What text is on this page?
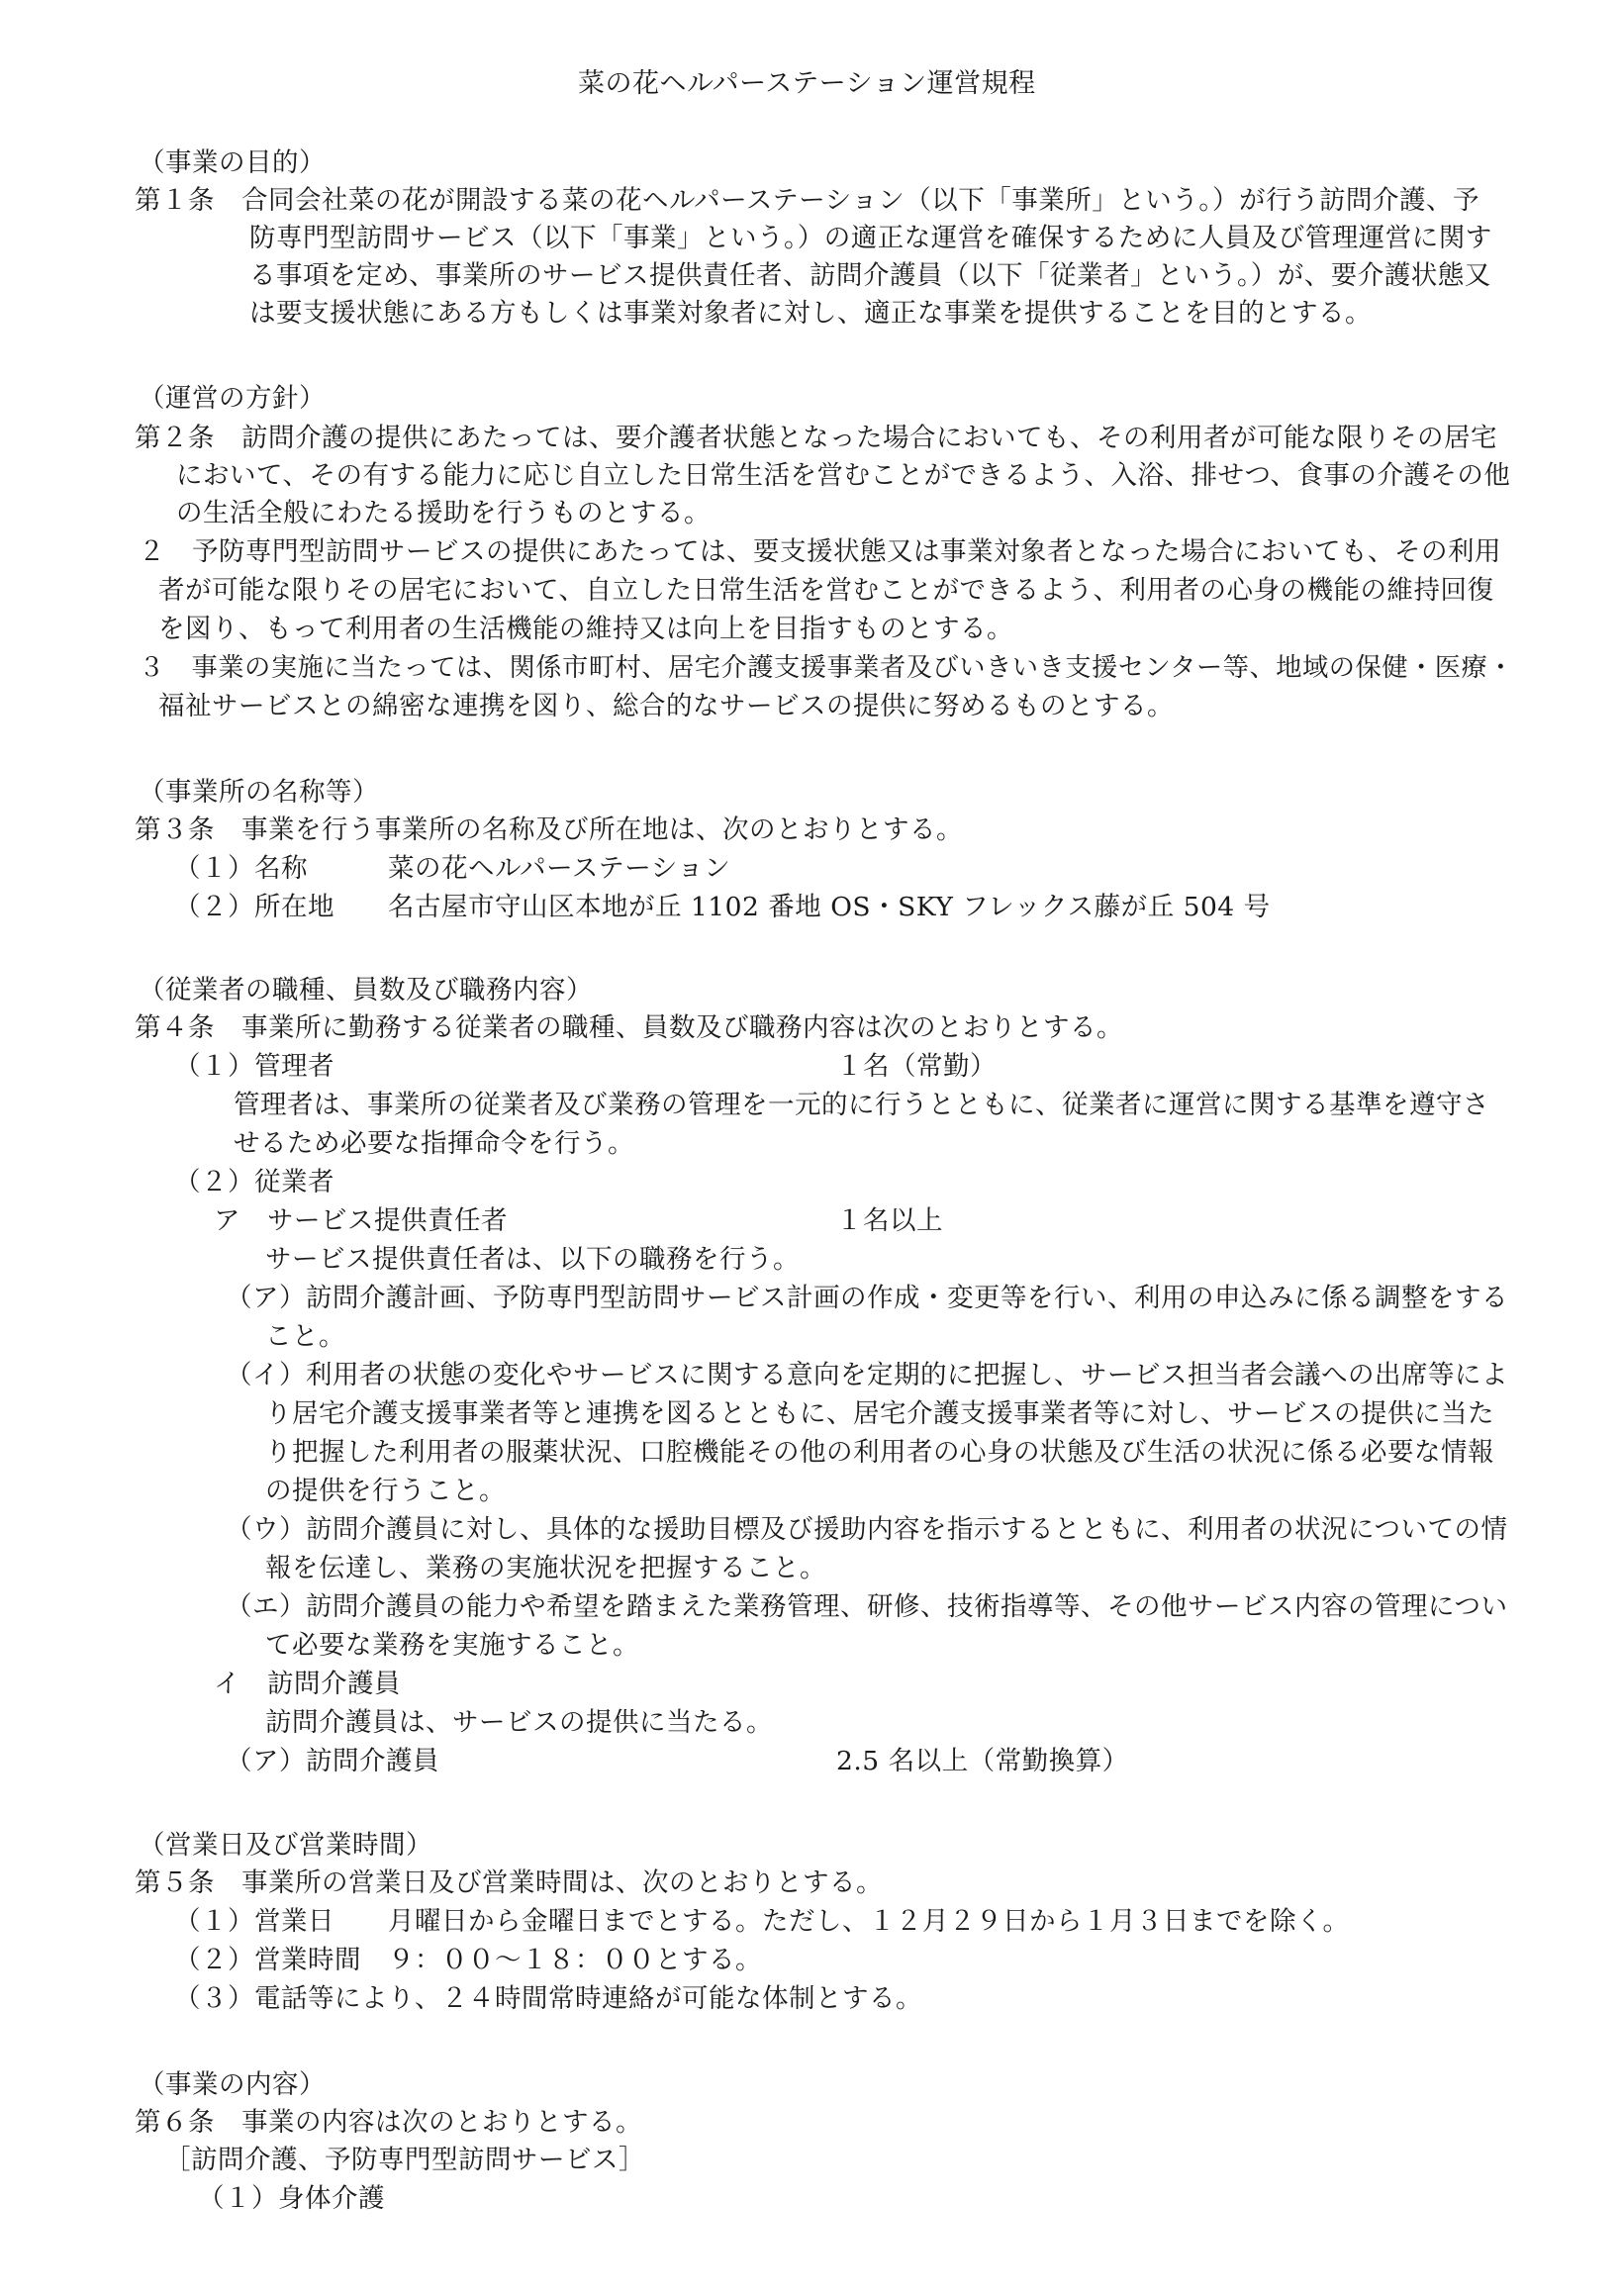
菜の花ヘルパーステーション運営規程
（事業の目的）
第１条　合同会社菜の花が開設する菜の花ヘルパーステーション（以下「事業所」という。）が行う訪問介護、予
防専門型訪問サービス（以下「事業」という。）の適正な運営を確保するために人員及び管理運営に関す
る事項を定め、事業所のサービス提供責任者、訪問介護員（以下「従業者」という。）が、要介護状態又
は要支援状態にある方もしくは事業対象者に対し、適正な事業を提供することを目的とする。
（運営の方針）
第２条　訪問介護の提供にあたっては、要介護者状態となった場合においても、その利用者が可能な限りその居宅
において、その有する能力に応じ自立した日常生活を営むことができるよう、入浴、排せつ、食事の介護その他
の生活全般にわたる援助を行うものとする。
２　予防専門型訪問サービスの提供にあたっては、要支援状態又は事業対象者となった場合においても、その利用
者が可能な限りその居宅において、自立した日常生活を営むことができるよう、利用者の心身の機能の維持回復
を図り、もって利用者の生活機能の維持又は向上を目指すものとする。
３　事業の実施に当たっては、関係市町村、居宅介護支援事業者及びいきいき支援センター等、地域の保健・医療・
福祉サービスとの綿密な連携を図り、総合的なサービスの提供に努めるものとする。
（事業所の名称等）
第３条　事業を行う事業所の名称及び所在地は、次のとおりとする。
（１）名称　　　菜の花ヘルパーステーション
（２）所在地　　名古屋市守山区本地が丘 1102 番地 OS・SKY フレックス藤が丘 504 号
（従業者の職種、員数及び職務内容）
第４条　事業所に勤務する従業者の職種、員数及び職務内容は次のとおりとする。
（１）管理者	１名（常勤）
管理者は、事業所の従業者及び業務の管理を一元的に行うとともに、従業者に運営に関する基準を遵守さ
せるため必要な指揮命令を行う。
（２）従業者
ア　サービス提供責任者	１名以上
サービス提供責任者は、以下の職務を行う。
（ア）訪問介護計画、予防専門型訪問サービス計画の作成・変更等を行い、利用の申込みに係る調整をする
こと。
（イ）利用者の状態の変化やサービスに関する意向を定期的に把握し、サービス担当者会議への出席等によ
り居宅介護支援事業者等と連携を図るとともに、居宅介護支援事業者等に対し、サービスの提供に当た
り把握した利用者の服薬状況、口腔機能その他の利用者の心身の状態及び生活の状況に係る必要な情報
の提供を行うこと。
（ウ）訪問介護員に対し、具体的な援助目標及び援助内容を指示するとともに、利用者の状況についての情
報を伝達し、業務の実施状況を把握すること。
（エ）訪問介護員の能力や希望を踏まえた業務管理、研修、技術指導等、その他サービス内容の管理につい
て必要な業務を実施すること。
イ　訪問介護員
訪問介護員は、サービスの提供に当たる。
（ア）訪問介護員	2.5 名以上（常勤換算）
（営業日及び営業時間）
第５条　事業所の営業日及び営業時間は、次のとおりとする。
（１）営業日　　月曜日から金曜日までとする。ただし、１２月２９日から１月３日までを除く。
（２）営業時間　９：００～１８：００とする。
（３）電話等により、２４時間常時連絡が可能な体制とする。
（事業の内容）
第６条　事業の内容は次のとおりとする。
［訪問介護、予防専門型訪問サービス］
（１）身体介護
